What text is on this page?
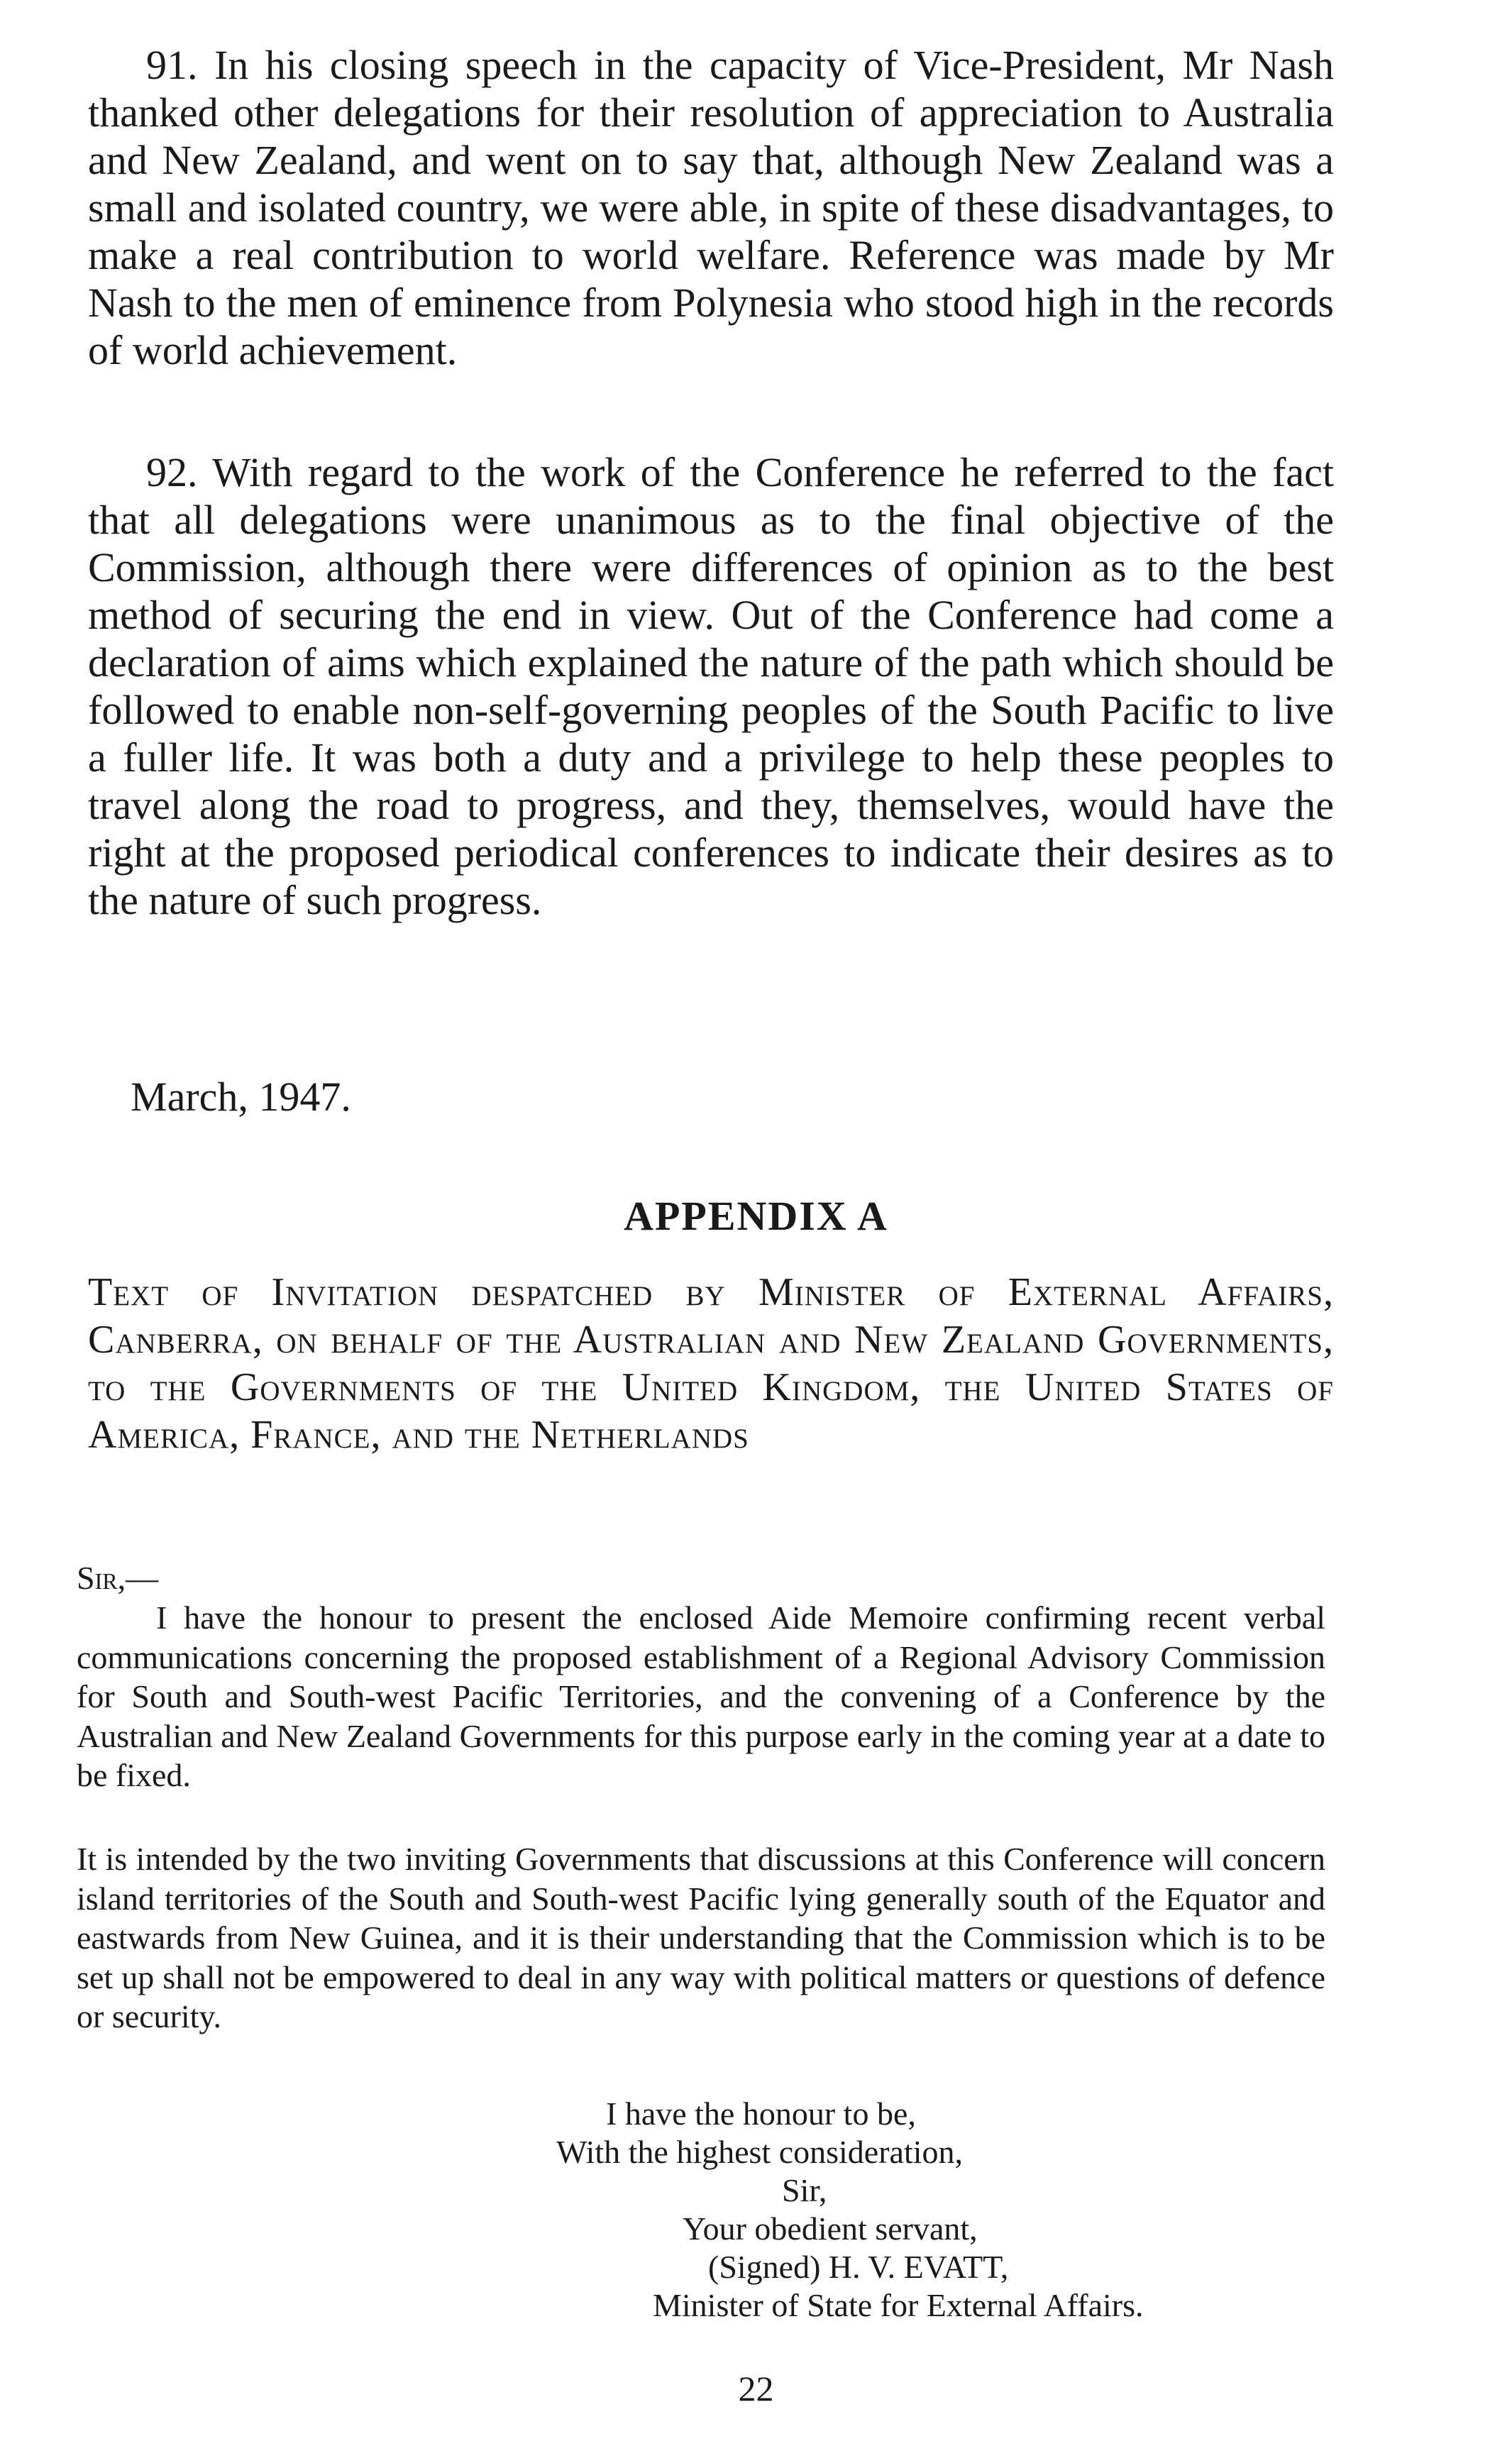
91. In his closing speech in the capacity of Vice-President, Mr Nash thanked other delegations for their resolution of appreciation to Australia and New Zealand, and went on to say that, although New Zealand was a small and isolated country, we were able, in spite of these disadvantages, to make a real contribution to world welfare. Reference was made by Mr Nash to the men of eminence from Polynesia who stood high in the records of world achievement.

92. With regard to the work of the Conference he referred to the fact that all delegations were unanimous as to the final objective of the Commission, although there were differences of opinion as to the best method of securing the end in view. Out of the Conference had come a declaration of aims which explained the nature of the path which should be followed to enable non-self-governing peoples of the South Pacific to live a fuller life. It was both a duty and a privilege to help these peoples to travel along the road to progress, and they, themselves, would have the right at the proposed periodical conferences to indicate their desires as to the nature of such progress.

March, 1947.

APPENDIX A

Text of Invitation despatched by Minister of External Affairs, Canberra, on behalf of the Australian and New Zealand Governments, to the Governments of the United Kingdom, the United States of America, France, and the Netherlands

Sir,—

I have the honour to present the enclosed Aide Memoire confirming recent verbal communications concerning the proposed establishment of a Regional Advisory Commission for South and South-west Pacific Territories, and the convening of a Conference by the Australian and New Zealand Governments for this purpose early in the coming year at a date to be fixed.

It is intended by the two inviting Governments that discussions at this Conference will concern island territories of the South and South-west Pacific lying generally south of the Equator and eastwards from New Guinea, and it is their understanding that the Commission which is to be set up shall not be empowered to deal in any way with political matters or questions of defence or security.

I have the honour to be,
With the highest consideration,
Sir,
Your obedient servant,
(Signed) H. V. EVATT,
Minister of State for External Affairs.

22
